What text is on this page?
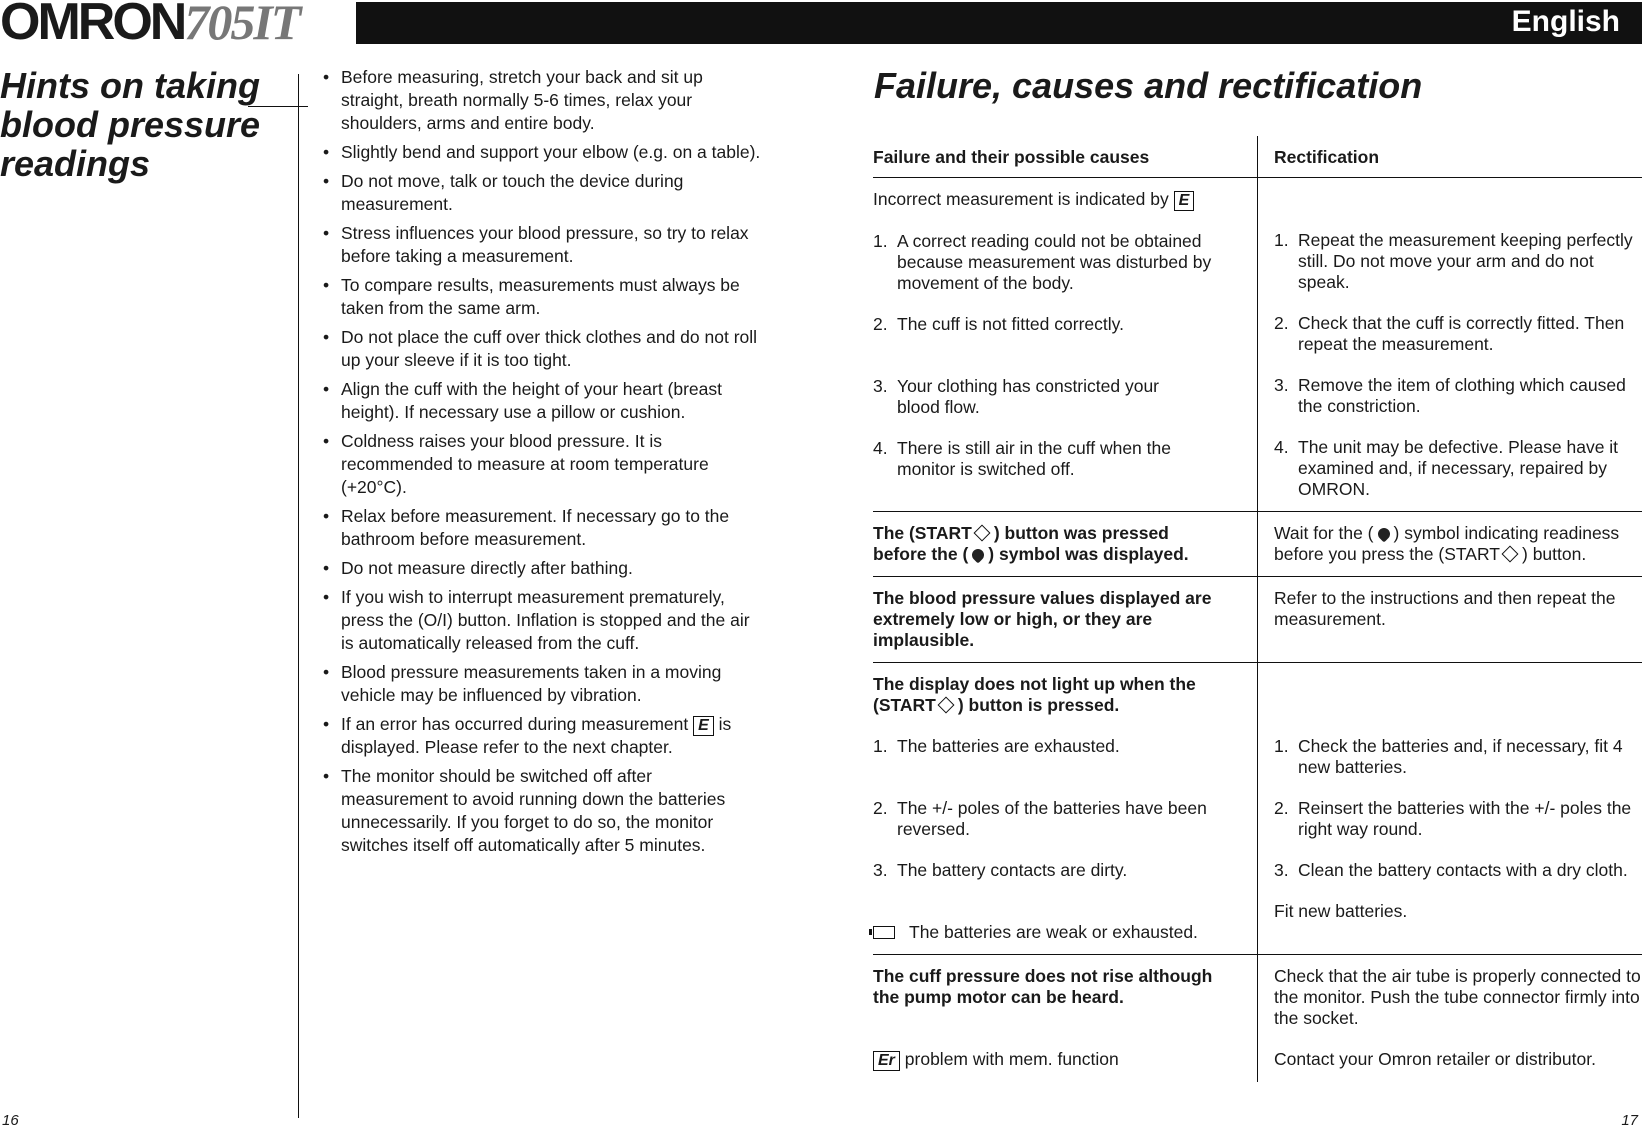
OMRON705IT	English
Hints on taking
blood pressure
readings
• Before measuring, stretch your back and sit up straight, breath normally 5-6 times, relax your shoulders, arms and entire body.
• Slightly bend and support your elbow (e.g. on a table).
• Do not move, talk or touch the device during measurement.
• Stress influences your blood pressure, so try to relax before taking a measurement.
• To compare results, measurements must always be taken from the same arm.
• Do not place the cuff over thick clothes and do not roll up your sleeve if it is too tight.
• Align the cuff with the height of your heart (breast height). If necessary use a pillow or cushion.
• Coldness raises your blood pressure. It is recommended to measure at room temperature (+20°C).
• Relax before measurement. If necessary go to the bathroom before measurement.
• Do not measure directly after bathing.
• If you wish to interrupt measurement prematurely, press the (O/I) button. Inflation is stopped and the air is automatically released from the cuff.
• Blood pressure measurements taken in a moving vehicle may be influenced by vibration.
• If an error has occurred during measurement E is displayed. Please refer to the next chapter.
• The monitor should be switched off after measurement to avoid running down the batteries unnecessarily. If you forget to do so, the monitor switches itself off automatically after 5 minutes.
16
Failure, causes and rectification
Failure and their possible causes	Rectification

Incorrect measurement is indicated by E

1. A correct reading could not be obtained because measurement was disturbed by movement of the body.
2. The cuff is not fitted correctly.
3. Your clothing has constricted your blood flow.
4. There is still air in the cuff when the monitor is switched off.
1. Repeat the measurement keeping perfectly still. Do not move your arm and do not speak.
2. Check that the cuff is correctly fitted. Then repeat the measurement.
3. Remove the item of clothing which caused the constriction.
4. The unit may be defective. Please have it examined and, if necessary, repaired by OMRON.
The (START ) button was pressed
before the ( ) symbol was displayed.
Wait for the ( ) symbol indicating readiness before you press the (START ) button.
The blood pressure values displayed are extremely low or high, or they are implausible.
Refer to the instructions and then repeat the measurement.

The display does not light up when the
(START ) button is pressed.

1. The batteries are exhausted.
2. The +/- poles of the batteries have been reversed.
3. The battery contacts are dirty.
The batteries are weak or exhausted.
1. Check the batteries and, if necessary, fit 4 new batteries.
2. Reinsert the batteries with the +/- poles the right way round.
3. Clean the battery contacts with a dry cloth.
Fit new batteries.

The cuff pressure does not rise although the pump motor can be heard.

Er problem with mem. function

Check that the air tube is properly connected to the monitor. Push the tube connector firmly into the socket.

Contact your Omron retailer or distributor.

17
